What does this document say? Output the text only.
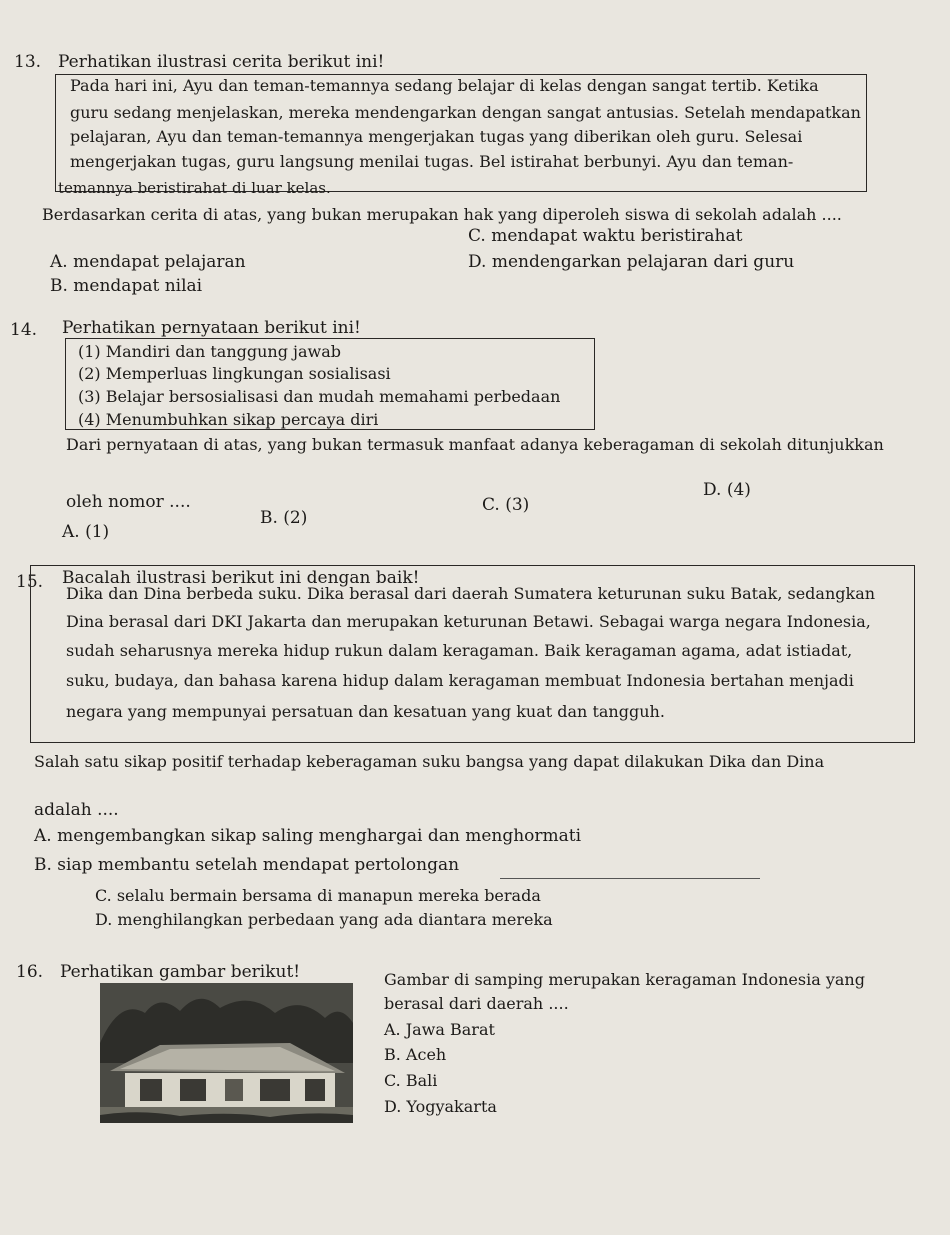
13. Perhatikan ilustrasi cerita berikut ini!
Pada hari ini, Ayu dan teman-temannya sedang belajar di kelas dengan sangat tertib. Ketika
guru sedang menjelaskan, mereka mendengarkan dengan sangat antusias. Setelah mendapatkan
pelajaran, Ayu dan teman-temannya mengerjakan tugas yang diberikan oleh guru. Selesai
mengerjakan tugas, guru langsung menilai tugas. Bel istirahat berbunyi. Ayu dan teman-
temannya beristirahat di luar kelas.
Berdasarkan cerita di atas, yang bukan merupakan hak yang diperoleh siswa di sekolah adalah ....
A. mendapat pelajaran
B. mendapat nilai
C. mendapat waktu beristirahat
D. mendengarkan pelajaran dari guru
14. Perhatikan pernyataan berikut ini!
(1) Mandiri dan tanggung jawab
(2) Memperluas lingkungan sosialisasi
(3) Belajar bersosialisasi dan mudah memahami perbedaan
(4) Menumbuhkan sikap percaya diri
Dari pernyataan di atas, yang bukan termasuk manfaat adanya keberagaman di sekolah ditunjukkan
oleh nomor ....
A. (1)
B. (2)
C. (3)
D. (4)
15. Bacalah ilustrasi berikut ini dengan baik!
Dika dan Dina berbeda suku. Dika berasal dari daerah Sumatera keturunan suku Batak, sedangkan
Dina berasal dari DKI Jakarta dan merupakan keturunan Betawi. Sebagai warga negara Indonesia,
sudah seharusnya mereka hidup rukun dalam keragaman. Baik keragaman agama, adat istiadat,
suku, budaya, dan bahasa karena hidup dalam keragaman membuat Indonesia bertahan menjadi
negara yang mempunyai persatuan dan kesatuan yang kuat dan tangguh.
Salah satu sikap positif terhadap keberagaman suku bangsa yang dapat dilakukan Dika dan Dina
adalah ....
A. mengembangkan sikap saling menghargai dan menghormati
B. siap membantu setelah mendapat pertolongan
C. selalu bermain bersama di manapun mereka berada
D. menghilangkan perbedaan yang ada diantara mereka
16. Perhatikan gambar berikut!	Gambar di samping merupakan keragaman Indonesia yang
berasal dari daerah ....
A. Jawa Barat
B. Aceh
C. Bali
D. Yogyakarta
